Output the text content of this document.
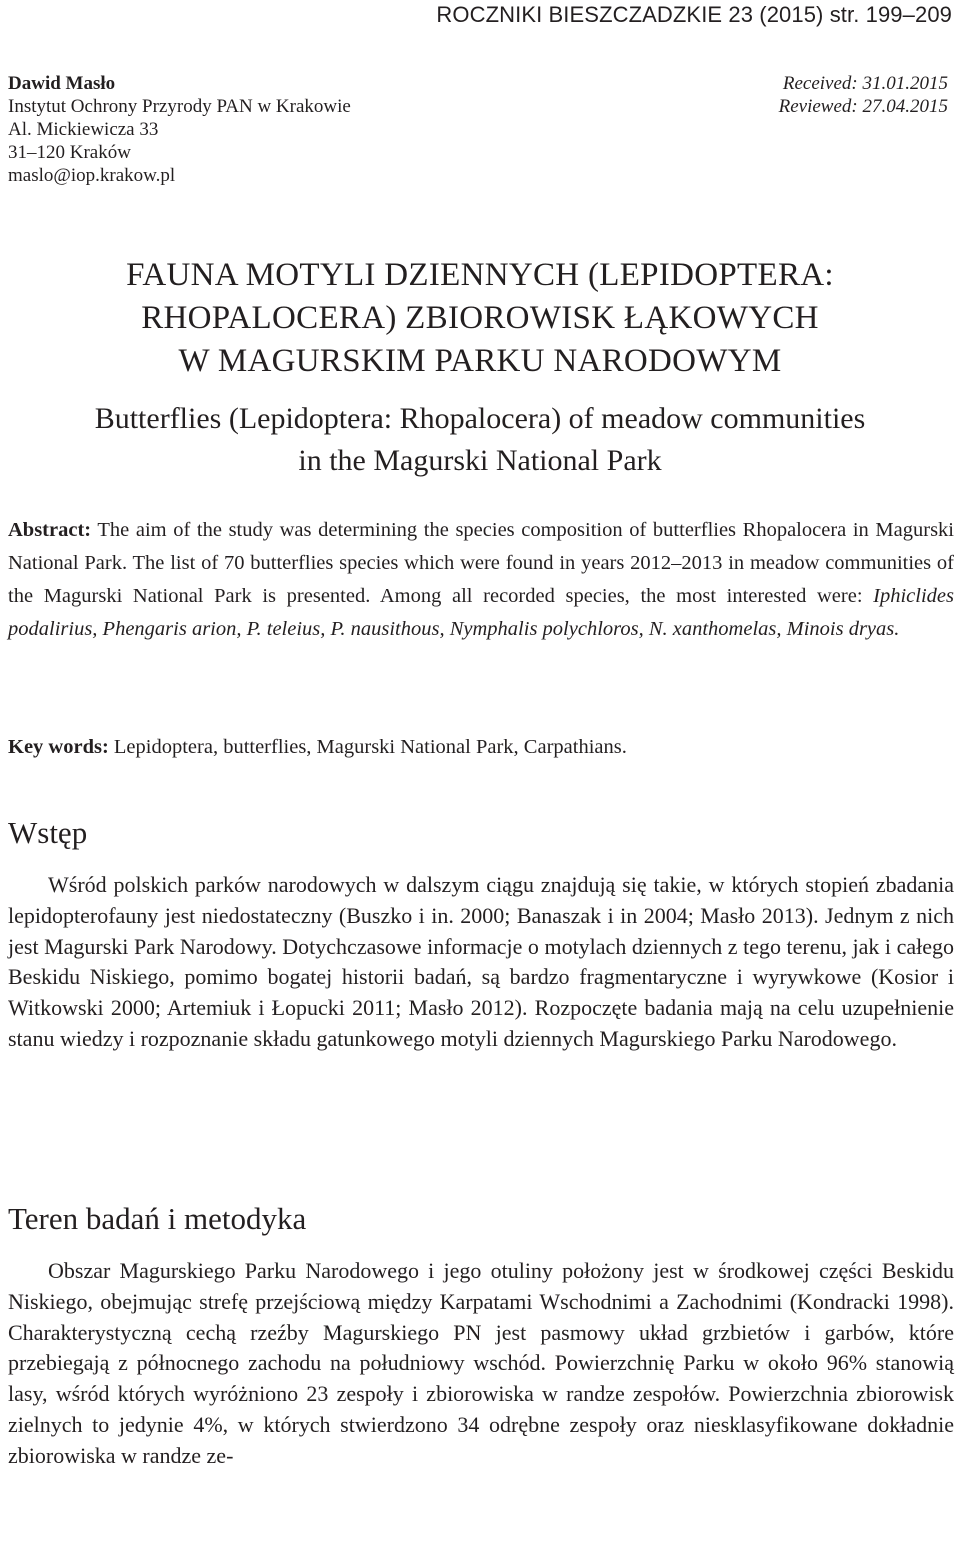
ROCZNIKI BIESZCZADZKIE 23 (2015) str. 199–209
Dawid Masło
Instytut Ochrony Przyrody PAN w Krakowie
Al. Mickiewicza 33
31–120 Kraków
maslo@iop.krakow.pl
Received: 31.01.2015
Reviewed: 27.04.2015
FAUNA MOTYLI DZIENNYCH (LEPIDOPTERA:
RHOPALOCERA) ZBIOROWISK ŁĄKOWYCH
W MAGURSKIM PARKU NARODOWYM
Butterflies (Lepidoptera: Rhopalocera) of meadow communities
in the Magurski National Park
Abstract: The aim of the study was determining the species composition of butterflies Rhopalocera in Magurski National Park. The list of 70 butterflies species which were found in years 2012–2013 in meadow communities of the Magurski National Park is presented. Among all recorded species, the most interested were: Iphiclides podalirius, Phengaris arion, P. teleius, P. nausithous, Nymphalis polychloros, N. xanthomelas, Minois dryas.
Key words: Lepidoptera, butterflies, Magurski National Park, Carpathians.
Wstęp
Wśród polskich parków narodowych w dalszym ciągu znajdują się takie, w których stopień zbadania lepidopterofauny jest niedostateczny (Buszko i in. 2000; Banaszak i in 2004; Masło 2013). Jednym z nich jest Magurski Park Narodowy. Dotychczasowe informacje o motylach dziennych z tego terenu, jak i całego Beskidu Niskiego, pomimo bogatej historii badań, są bardzo fragmentaryczne i wyrywkowe (Kosior i Witkowski 2000; Artemiuk i Łopucki 2011; Masło 2012). Rozpoczęte badania mają na celu uzupełnienie stanu wiedzy i rozpoznanie składu gatunkowego motyli dziennych Magurskiego Parku Narodowego.
Teren badań i metodyka
Obszar Magurskiego Parku Narodowego i jego otuliny położony jest w środkowej części Beskidu Niskiego, obejmując strefę przejściową między Karpatami Wschodnimi a Zachodnimi (Kondracki 1998). Charakterystyczną cechą rzeźby Magurskiego PN jest pasmowy układ grzbietów i garbów, które przebiegają z północnego zachodu na południowy wschód. Powierzchnię Parku w około 96% stanowią lasy, wśród których wyróżniono 23 zespoły i zbiorowiska w randze zespołów. Powierzchnia zbiorowisk zielnych to jedynie 4%, w których stwierdzono 34 odrębne zespoły oraz niesklasyfikowane dokładnie zbiorowiska w randze ze-
